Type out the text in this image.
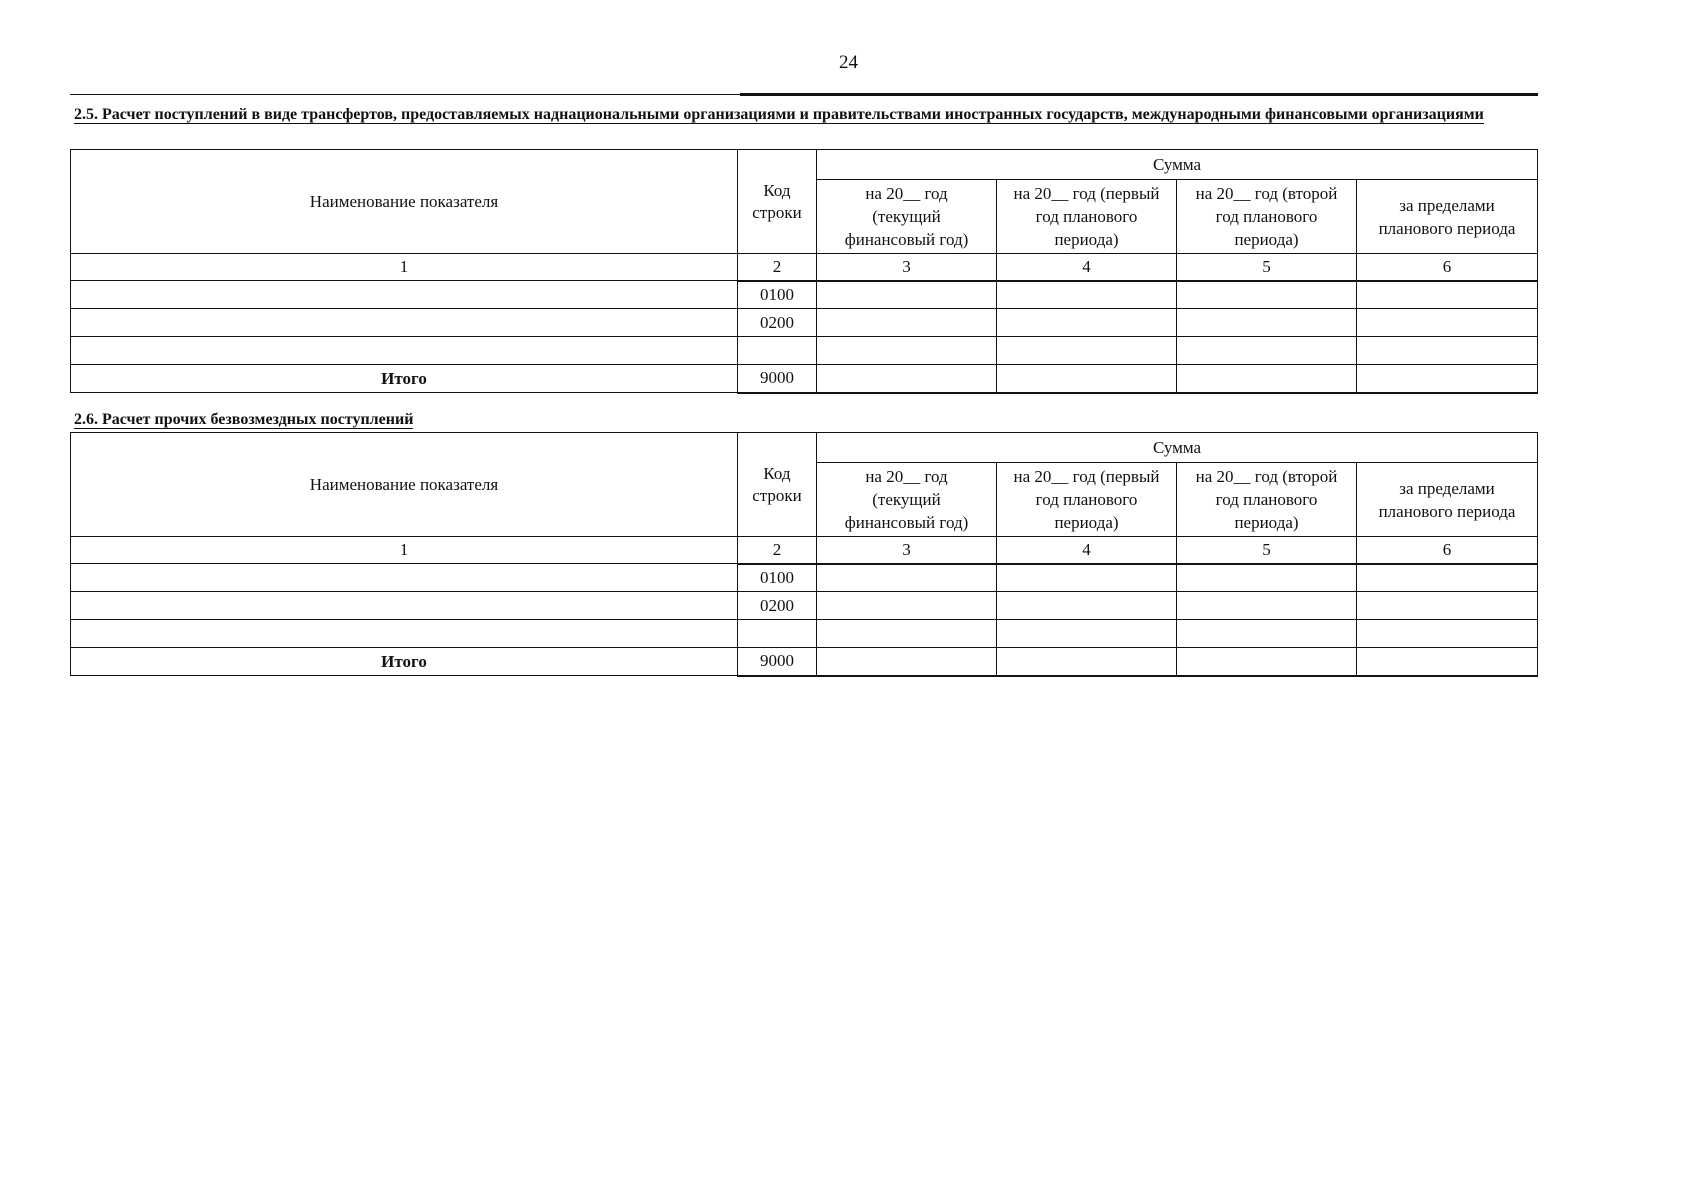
24
2.5. Расчет поступлений в виде трансфертов, предоставляемых наднациональными организациями и правительствами иностранных государств, международными финансовыми организациями
Наименование показателя	Код строки	Сумма			
		на 20__ год (текущий финансовый год)	на 20__ год (первый год планового периода)	на 20__ год (второй год планового периода)	за пределами планового периода
1	2	3	4	5	6
	0100				
	0200				

Итого	9000				
2.6. Расчет прочих безвозмездных поступлений
Наименование показателя	Код строки	Сумма			
		на 20__ год (текущий финансовый год)	на 20__ год (первый год планового периода)	на 20__ год (второй год планового периода)	за пределами планового периода
1	2	3	4	5	6
	0100				
	0200				

Итого	9000				
